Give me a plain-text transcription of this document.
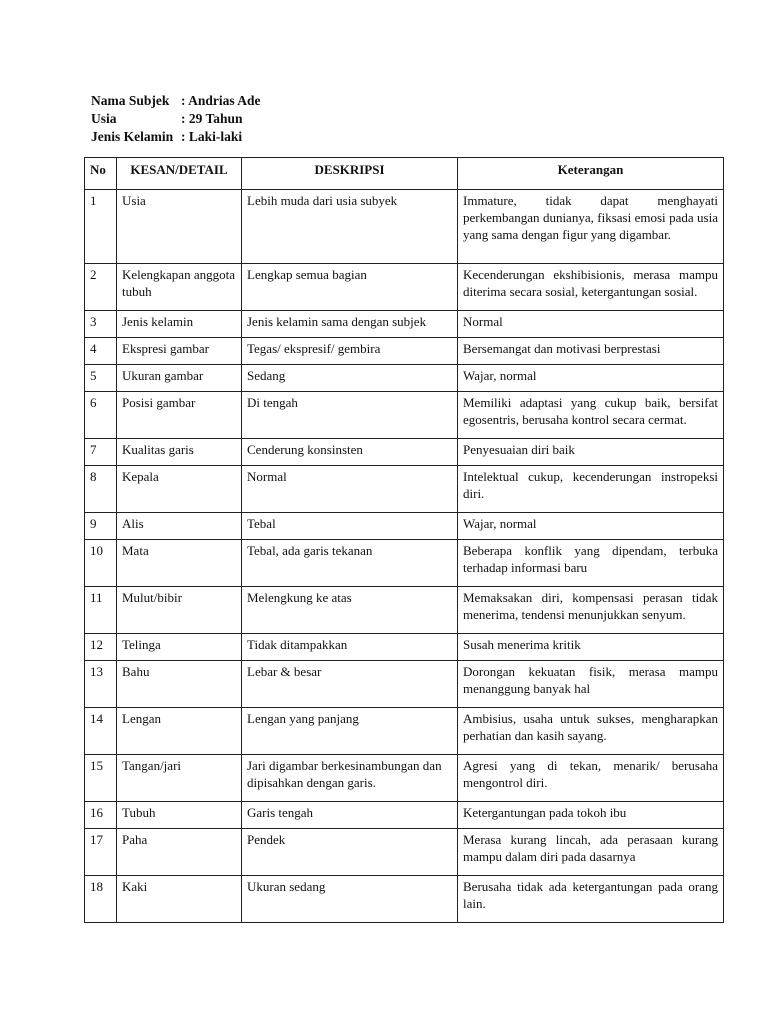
Nama Subjek : Andrias Ade
Usia	: 29 Tahun
Jenis Kelamin : Laki-laki
No	KESAN/DETAIL	DESKRIPSI	Keterangan
1	Usia	Lebih muda dari usia subyek	Immature, tidak dapat menghayati perkembangan dunianya, fiksasi emosi pada usia yang sama dengan figur yang digambar.
2	Kelengkapan anggota tubuh	Lengkap semua bagian	Kecenderungan ekshibisionis, merasa mampu diterima secara sosial, ketergantungan sosial.
3	Jenis kelamin	Jenis kelamin sama dengan subjek	Normal
4	Ekspresi gambar	Tegas/ ekspresif/ gembira	Bersemangat dan motivasi berprestasi
5	Ukuran gambar	Sedang	Wajar, normal
6	Posisi gambar	Di tengah	Memiliki adaptasi yang cukup baik, bersifat egosentris, berusaha kontrol secara cermat.
7	Kualitas garis	Cenderung konsinsten	Penyesuaian diri baik
8	Kepala	Normal	Intelektual cukup, kecenderungan instropeksi diri.
9	Alis	Tebal	Wajar, normal
10	Mata	Tebal, ada garis tekanan	Beberapa konflik yang dipendam, terbuka terhadap informasi baru
11	Mulut/bibir	Melengkung ke atas	Memaksakan diri, kompensasi perasan tidak menerima, tendensi menunjukkan senyum.
12	Telinga	Tidak ditampakkan	Susah menerima kritik
13	Bahu	Lebar & besar	Dorongan kekuatan fisik, merasa mampu menanggung banyak hal
14	Lengan	Lengan yang panjang	Ambisius, usaha untuk sukses, mengharapkan perhatian dan kasih sayang.
15	Tangan/jari	Jari digambar berkesinambungan dan dipisahkan dengan garis.	Agresi yang di tekan, menarik/ berusaha mengontrol diri.
16	Tubuh	Garis tengah	Ketergantungan pada tokoh ibu
17	Paha	Pendek	Merasa kurang lincah, ada perasaan kurang mampu dalam diri pada dasarnya
18	Kaki	Ukuran sedang	Berusaha tidak ada ketergantungan pada orang lain.
